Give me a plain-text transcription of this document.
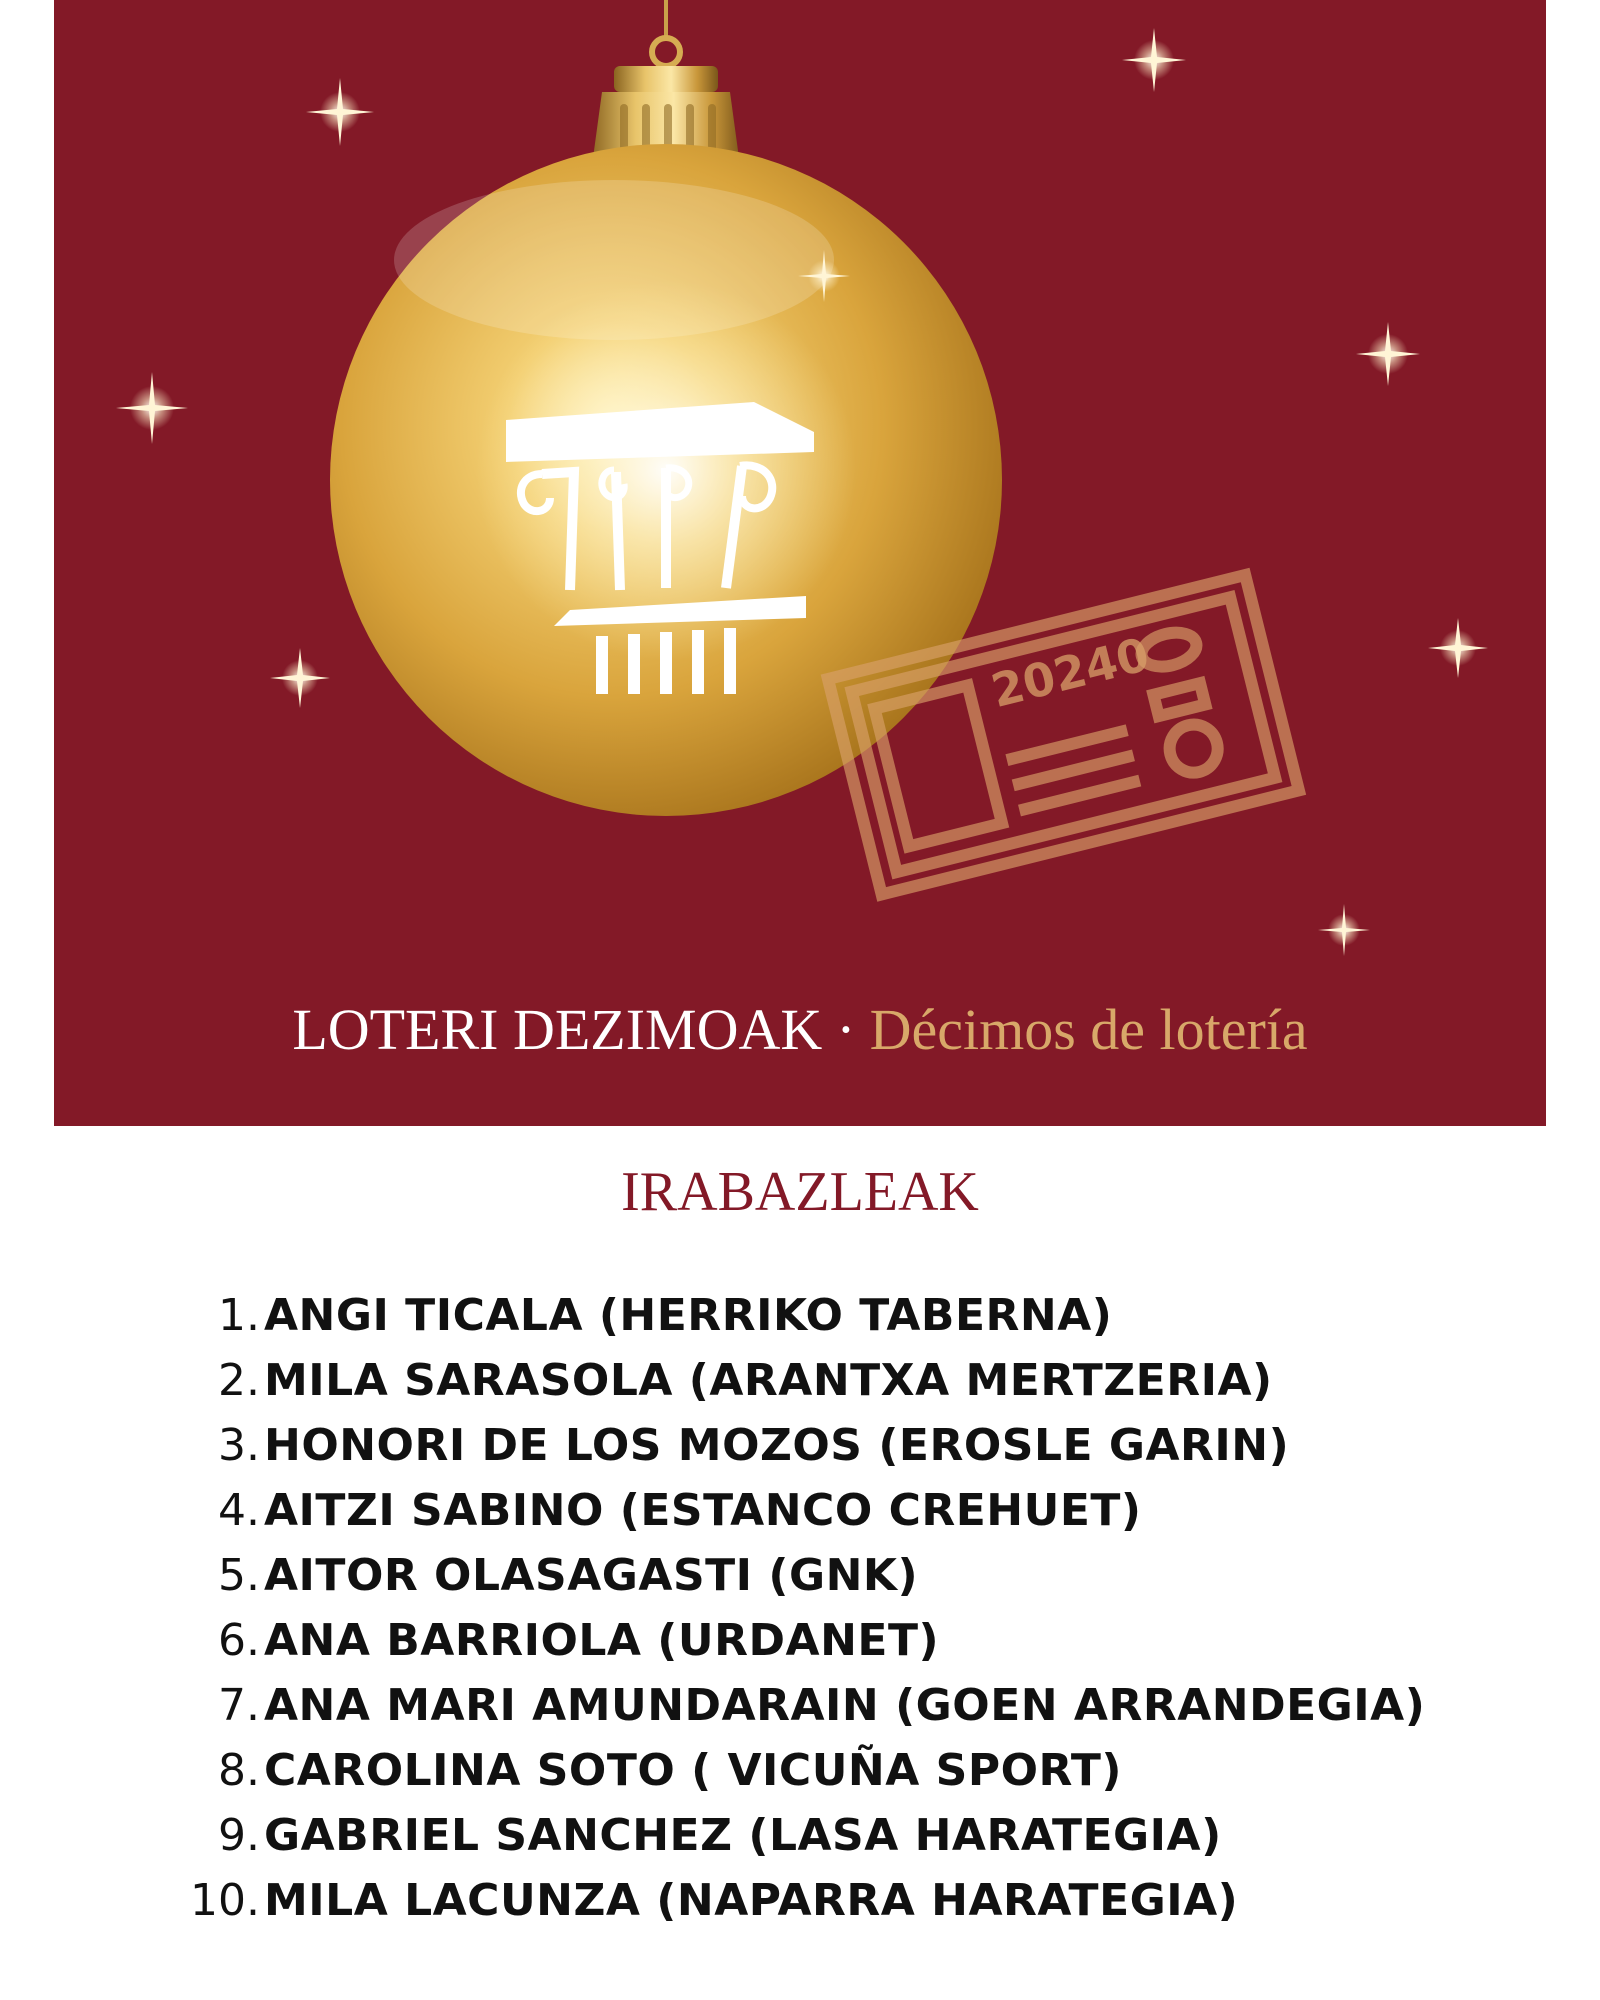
20240
LOTERI DEZIMOAK · Décimos de lotería
IRABAZLEAK
1. ANGI TICALA (HERRIKO TABERNA)
2. MILA SARASOLA (ARANTXA MERTZERIA)
3. HONORI DE LOS MOZOS (EROSLE GARIN)
4. AITZI SABINO (ESTANCO CREHUET)
5. AITOR OLASAGASTI (GNK)
6. ANA BARRIOLA (URDANET)
7. ANA MARI AMUNDARAIN (GOEN ARRANDEGIA)
8. CAROLINA SOTO ( VICUÑA SPORT)
9. GABRIEL SANCHEZ (LASA HARATEGIA)
10. MILA LACUNZA (NAPARRA HARATEGIA)
